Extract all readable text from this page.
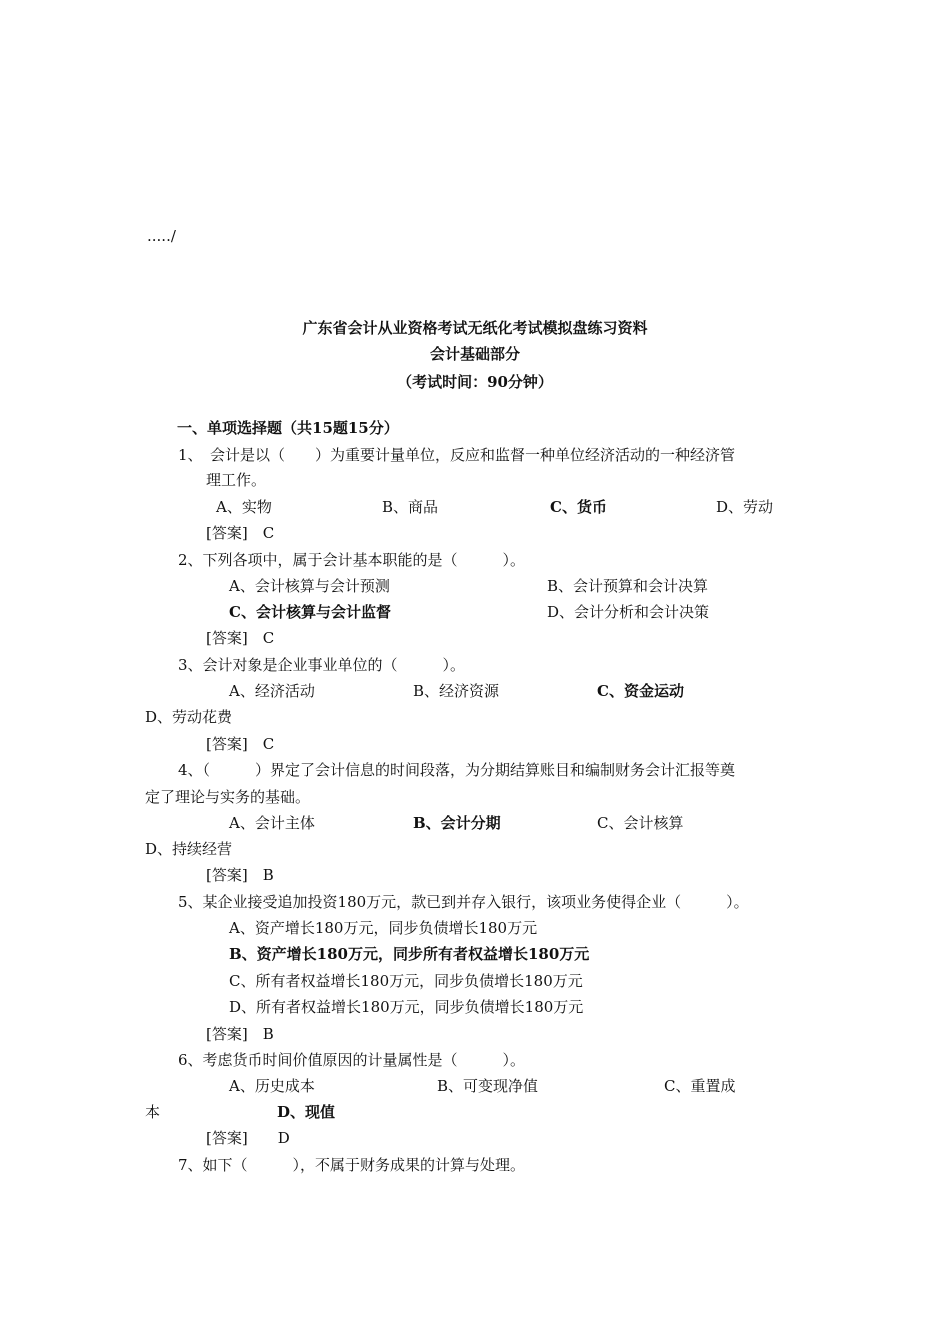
...../
广东省会计从业资格考试无纸化考试模拟盘练习资料
会计基础部分
（考试时间：90分钟）
一、单项选择题（共15题15分）
1、　会计是以（　　）为重要计量单位，反应和监督一种单位经济活动的一种经济管
理工作。
A、实物	B、商品	C、货币	D、劳动
[答案]　C
2、下列各项中，属于会计基本职能的是（　　　）。
A、会计核算与会计预测	B、会计预算和会计决算
C、会计核算与会计监督	D、会计分析和会计决策
[答案]　C
3、会计对象是企业事业单位的（　　　）。
A、经济活动	B、经济资源	C、资金运动
D、劳动花费
[答案]　C
4、（　　　）界定了会计信息的时间段落，为分期结算账目和编制财务会计汇报等奠
定了理论与实务的基础。
A、会计主体	B、会计分期	C、会计核算
D、持续经营
[答案]　B
5、某企业接受追加投资180万元，款已到并存入银行，该项业务使得企业（　　　）。
A、资产增长180万元，同步负债增长180万元
B、资产增长180万元，同步所有者权益增长180万元
C、所有者权益增长180万元，同步负债增长180万元
D、所有者权益增长180万元，同步负债增长180万元
[答案]　B
6、考虑货币时间价值原因的计量属性是（　　　）。
A、历史成本	B、可变现净值	C、重置成
本	D、现值
[答案]　　D
7、如下（　　　），不属于财务成果的计算与处理。
